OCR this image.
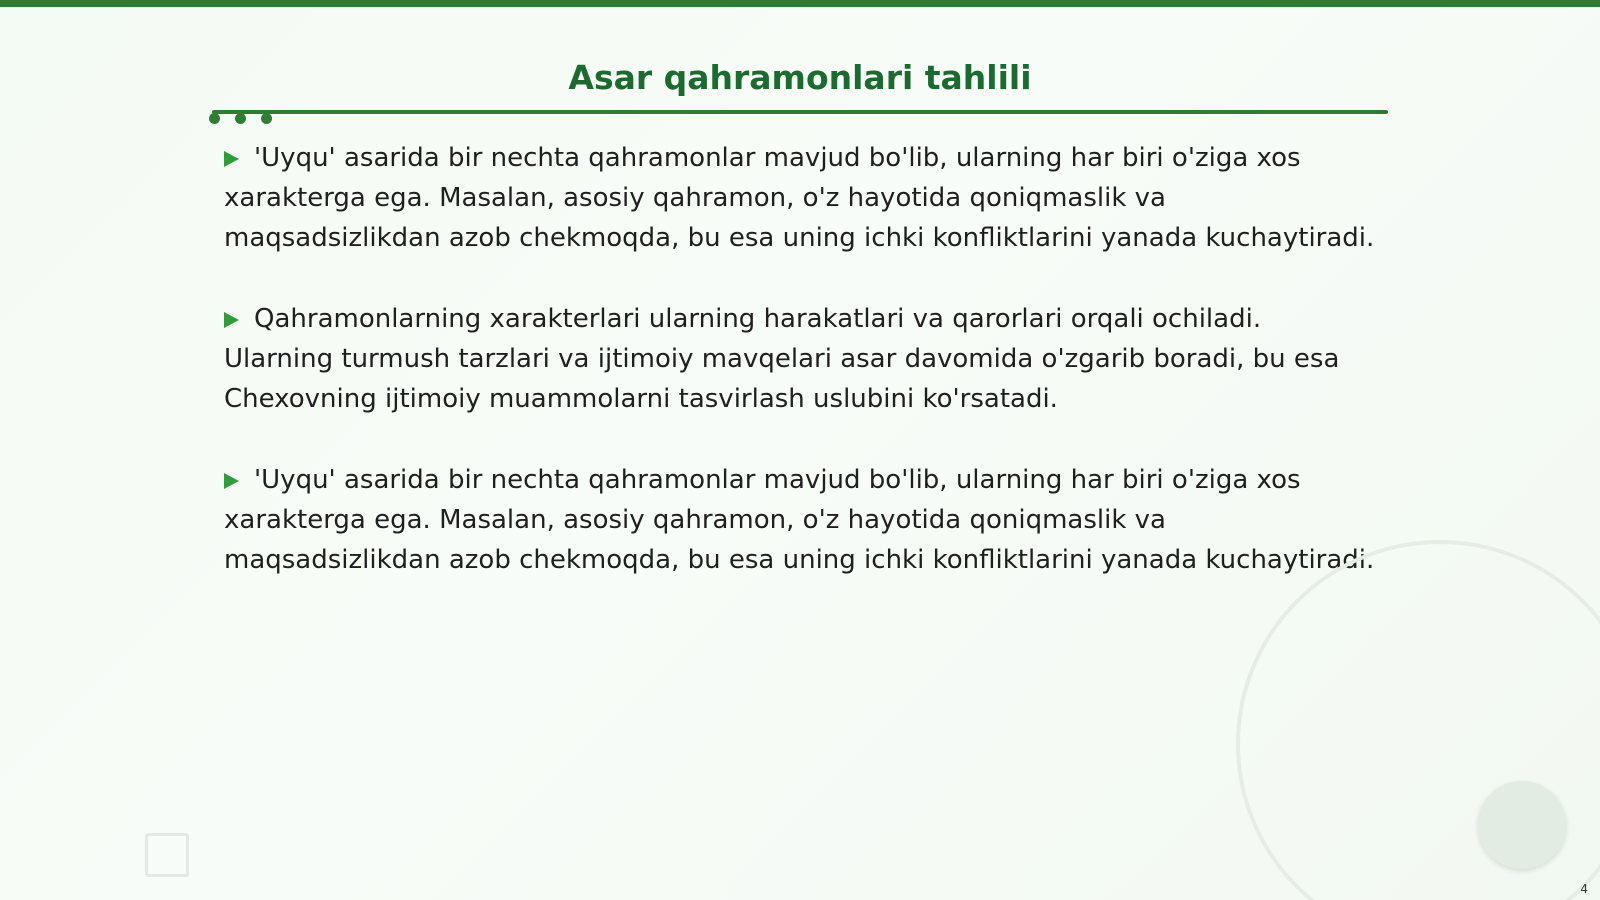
Asar qahramonlari tahlili

'Uyqu' asarida bir nechta qahramonlar mavjud bo'lib, ularning har biri o'ziga xos xarakterga ega. Masalan, asosiy qahramon, o'z hayotida qoniqmaslik va maqsadsizlikdan azob chekmoqda, bu esa uning ichki konfliktlarini yanada kuchaytiradi.

Qahramonlarning xarakterlari ularning harakatlari va qarorlari orqali ochiladi. Ularning turmush tarzlari va ijtimoiy mavqelari asar davomida o'zgarib boradi, bu esa Chexovning ijtimoiy muammolarni tasvirlash uslubini ko'rsatadi.

'Uyqu' asarida bir nechta qahramonlar mavjud bo'lib, ularning har biri o'ziga xos xarakterga ega. Masalan, asosiy qahramon, o'z hayotida qoniqmaslik va maqsadsizlikdan azob chekmoqda, bu esa uning ichki konfliktlarini yanada kuchaytiradi.

4
